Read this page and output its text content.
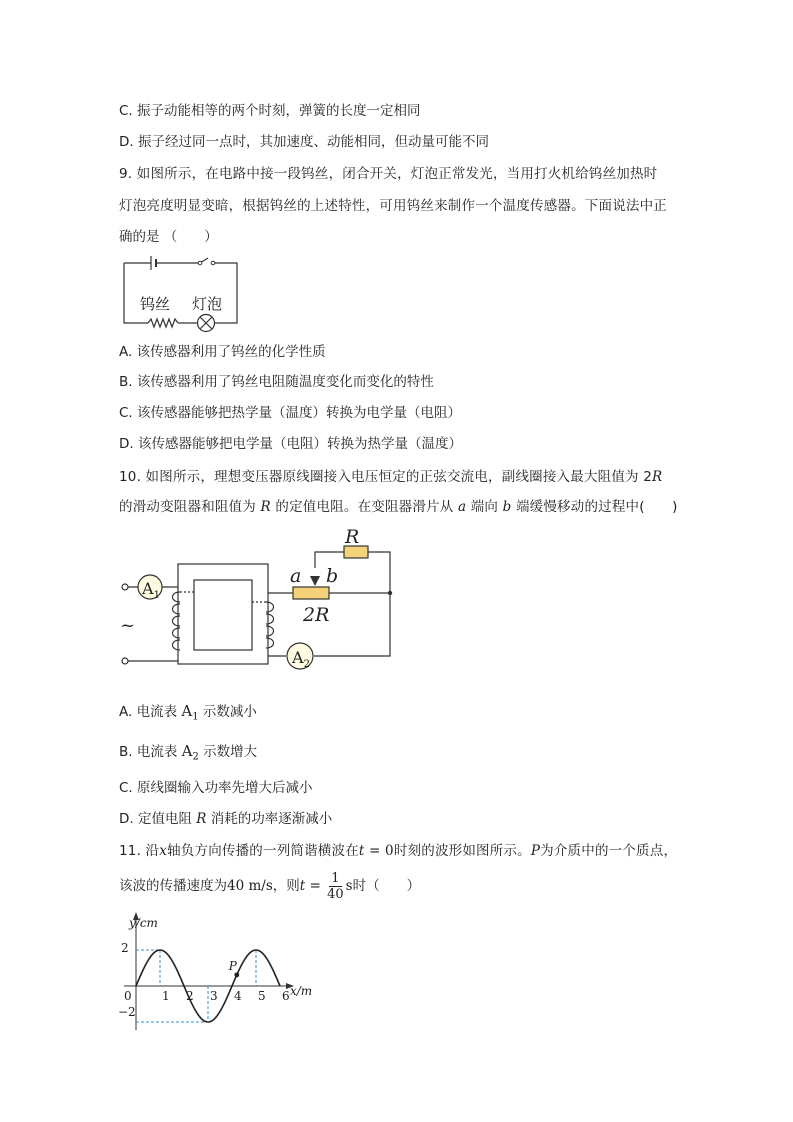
C. 振子动能相等的两个时刻，弹簧的长度一定相同
D. 振子经过同一点时，其加速度、动能相同，但动量可能不同
9. 如图所示，在电路中接一段钨丝，闭合开关，灯泡正常发光，当用打火机给钨丝加热时
灯泡亮度明显变暗，根据钨丝的上述特性，可用钨丝来制作一个温度传感器。下面说法中正
确的是 （　　）
钨丝 灯泡
A. 该传感器利用了钨丝的化学性质
B. 该传感器利用了钨丝电阻随温度变化而变化的特性
C. 该传感器能够把热学量（温度）转换为电学量（电阻）
D. 该传感器能够把电学量（电阻）转换为热学量（温度）
10. 如图所示，理想变压器原线圈接入电压恒定的正弦交流电，副线圈接入最大阻值为 2R
的滑动变阻器和阻值为 R 的定值电阻。在变阻器滑片从 a 端向 b 端缓慢移动的过程中(　　)
$A_1$
$A_2$
R
2R
a b
~
A. 电流表 $A_1$ 示数减小
B. 电流表 $A_2$ 示数增大
C. 原线圈输入功率先增大后减小
D. 定值电阻 R 消耗的功率逐渐减小
11. 沿x轴负方向传播的一列简谐横波在t = 0时刻的波形如图所示。P为介质中的一个质点，
该波的传播速度为40 m/s，则$t = \frac{1}{40}$ s时（　　）
0	1 2 3 4 5 6
y/cm
x/m
P
2
−2
